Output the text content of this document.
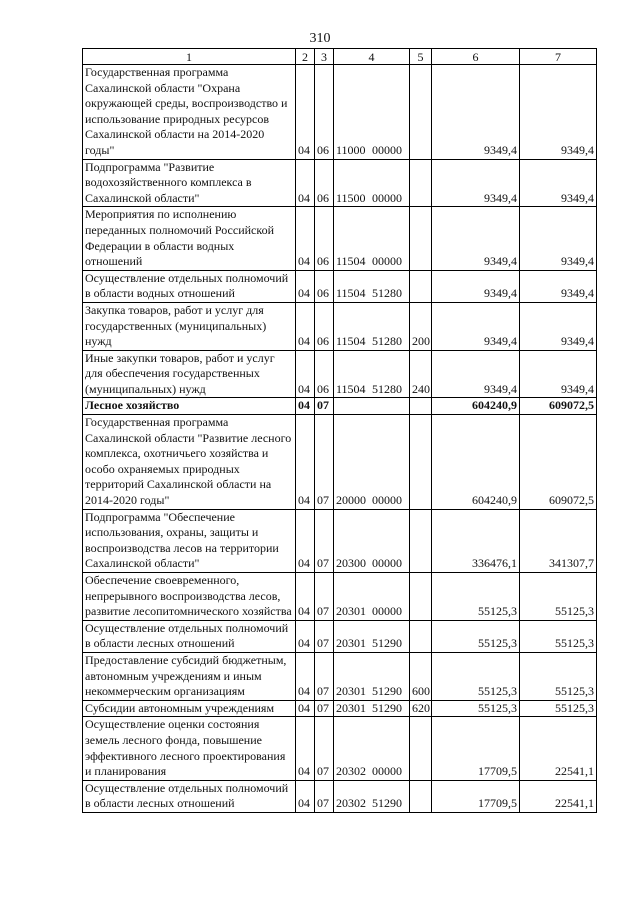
310
1	2	3	4	5	6	7
Государственная программа Сахалинской области "Охрана окружающей среды, воспроизводство и использование природных ресурсов Сахалинской области на 2014-2020 годы"	04	06	11000 00000		9349,4	9349,4
Подпрограмма "Развитие водохозяйственного комплекса в Сахалинской области"	04	06	11500 00000		9349,4	9349,4
Мероприятия по исполнению переданных полномочий Российской Федерации в области водных отношений	04	06	11504 00000		9349,4	9349,4
Осуществление отдельных полномочий в области водных отношений	04	06	11504 51280		9349,4	9349,4
Закупка товаров, работ и услуг для государственных (муниципальных) нужд	04	06	11504 51280	200	9349,4	9349,4
Иные закупки товаров, работ и услуг для обеспечения государственных (муниципальных) нужд	04	06	11504 51280	240	9349,4	9349,4
Лесное хозяйство	04	07			604240,9	609072,5
Государственная программа Сахалинской области "Развитие лесного комплекса, охотничьего хозяйства и особо охраняемых природных территорий Сахалинской области на 2014-2020 годы"	04	07	20000 00000		604240,9	609072,5
Подпрограмма "Обеспечение использования, охраны, защиты и воспроизводства лесов на территории Сахалинской области"	04	07	20300 00000		336476,1	341307,7
Обеспечение своевременного, непрерывного воспроизводства лесов, развитие лесопитомнического хозяйства	04	07	20301 00000		55125,3	55125,3
Осуществление отдельных полномочий в области лесных отношений	04	07	20301 51290		55125,3	55125,3
Предоставление субсидий бюджетным, автономным учреждениям и иным некоммерческим организациям	04	07	20301 51290	600	55125,3	55125,3
Субсидии автономным учреждениям	04	07	20301 51290	620	55125,3	55125,3
Осуществление оценки состояния земель лесного фонда, повышение эффективного лесного проектирования и планирования	04	07	20302 00000		17709,5	22541,1
Осуществление отдельных полномочий в области лесных отношений	04	07	20302 51290		17709,5	22541,1
